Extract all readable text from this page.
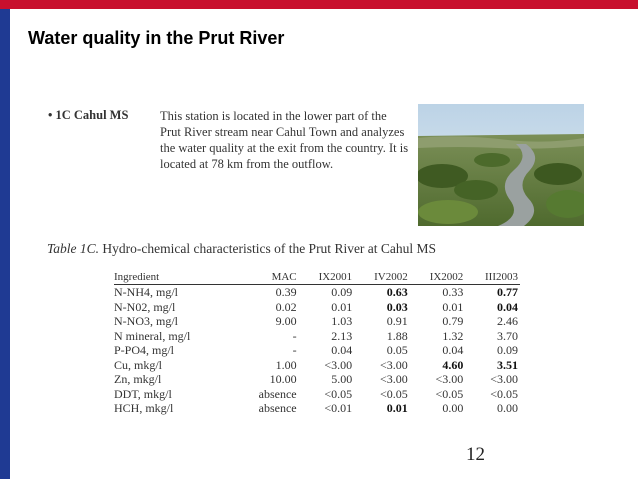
Water quality in the Prut River
• 1C Cahul MS	This station is located in the lower part of the Prut River stream near Cahul Town and analyzes the water quality at the exit from the country. It is located at 78 km from the outflow.
Table 1C. Hydro-chemical characteristics of the Prut River at Cahul MS
Ingredient	MAC	IX2001	IV2002	IX2002	III2003
N-NH4, mg/l	0.39	0.09	0.63	0.33	0.77
N-N02, mg/l	0.02	0.01	0.03	0.01	0.04
N-NO3, mg/l	9.00	1.03	0.91	0.79	2.46
N mineral, mg/l	-	2.13	1.88	1.32	3.70
P-PO4, mg/l	-	0.04	0.05	0.04	0.09
Cu, mkg/l	1.00	<3.00	<3.00	4.60	3.51
Zn, mkg/l	10.00	5.00	<3.00	<3.00	<3.00
DDT, mkg/l	absence	<0.05	<0.05	<0.05	<0.05
HCH, mkg/l	absence	<0.01	0.01	0.00	0.00
12
